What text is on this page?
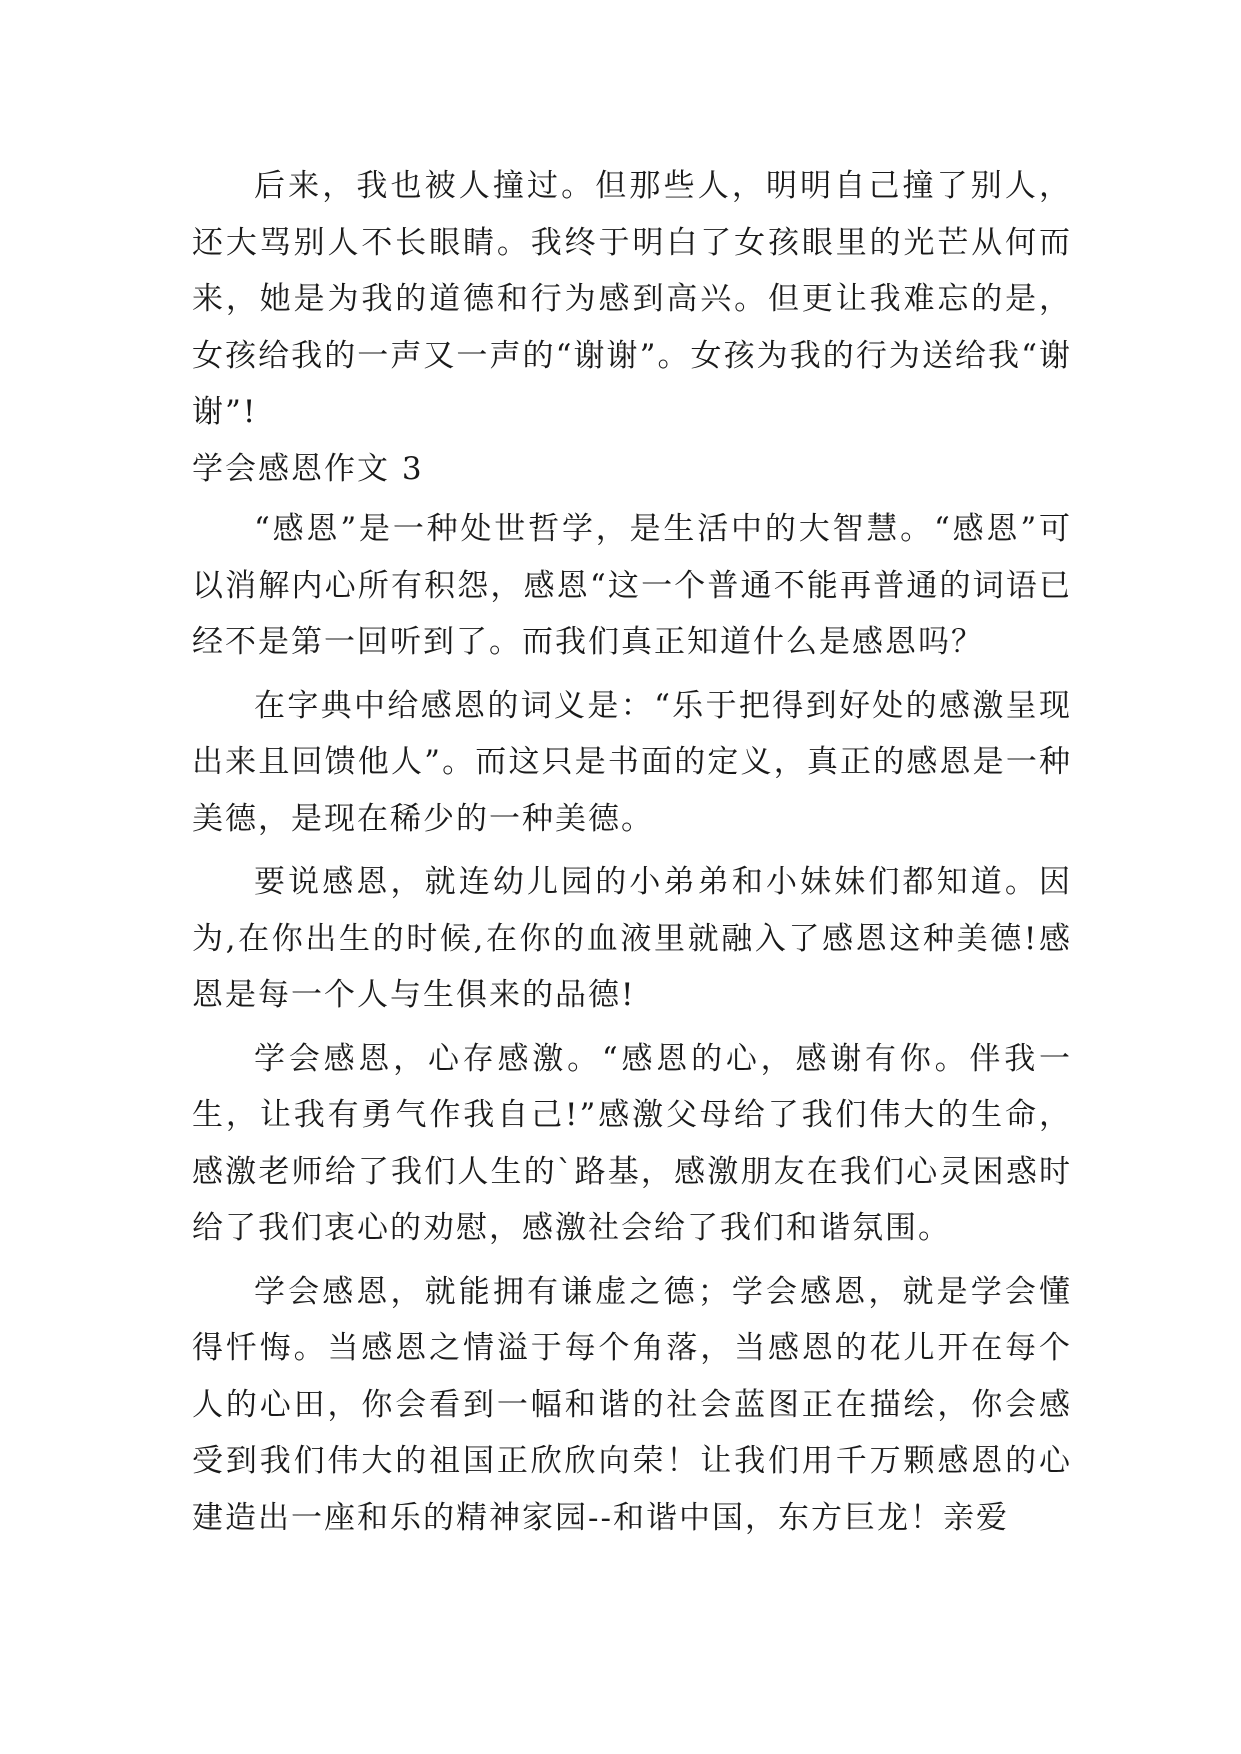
后来，我也被人撞过。但那些人，明明自己撞了别人，还大骂别人不长眼睛。我终于明白了女孩眼里的光芒从何而来，她是为我的道德和行为感到高兴。但更让我难忘的是，女孩给我的一声又一声的“谢谢”。女孩为我的行为送给我“谢谢”!

学会感恩作文 3

“感恩”是一种处世哲学，是生活中的大智慧。“感恩”可以消解内心所有积怨，感恩“这一个普通不能再普通的词语已经不是第一回听到了。而我们真正知道什么是感恩吗？

在字典中给感恩的词义是：“乐于把得到好处的感激呈现出来且回馈他人”。而这只是书面的定义，真正的感恩是一种美德，是现在稀少的一种美德。

要说感恩，就连幼儿园的小弟弟和小妹妹们都知道。因为,在你出生的时候,在你的血液里就融入了感恩这种美德!感恩是每一个人与生俱来的品德!

学会感恩，心存感激。“感恩的心，感谢有你。伴我一生，让我有勇气作我自己!”感激父母给了我们伟大的生命，感激老师给了我们人生的`路基，感激朋友在我们心灵困惑时给了我们衷心的劝慰，感激社会给了我们和谐氛围。

学会感恩，就能拥有谦虚之德；学会感恩，就是学会懂得忏悔。当感恩之情溢于每个角落，当感恩的花儿开在每个人的心田，你会看到一幅和谐的社会蓝图正在描绘，你会感受到我们伟大的祖国正欣欣向荣！让我们用千万颗感恩的心建造出一座和乐的精神家园--和谐中国，东方巨龙！亲爱
